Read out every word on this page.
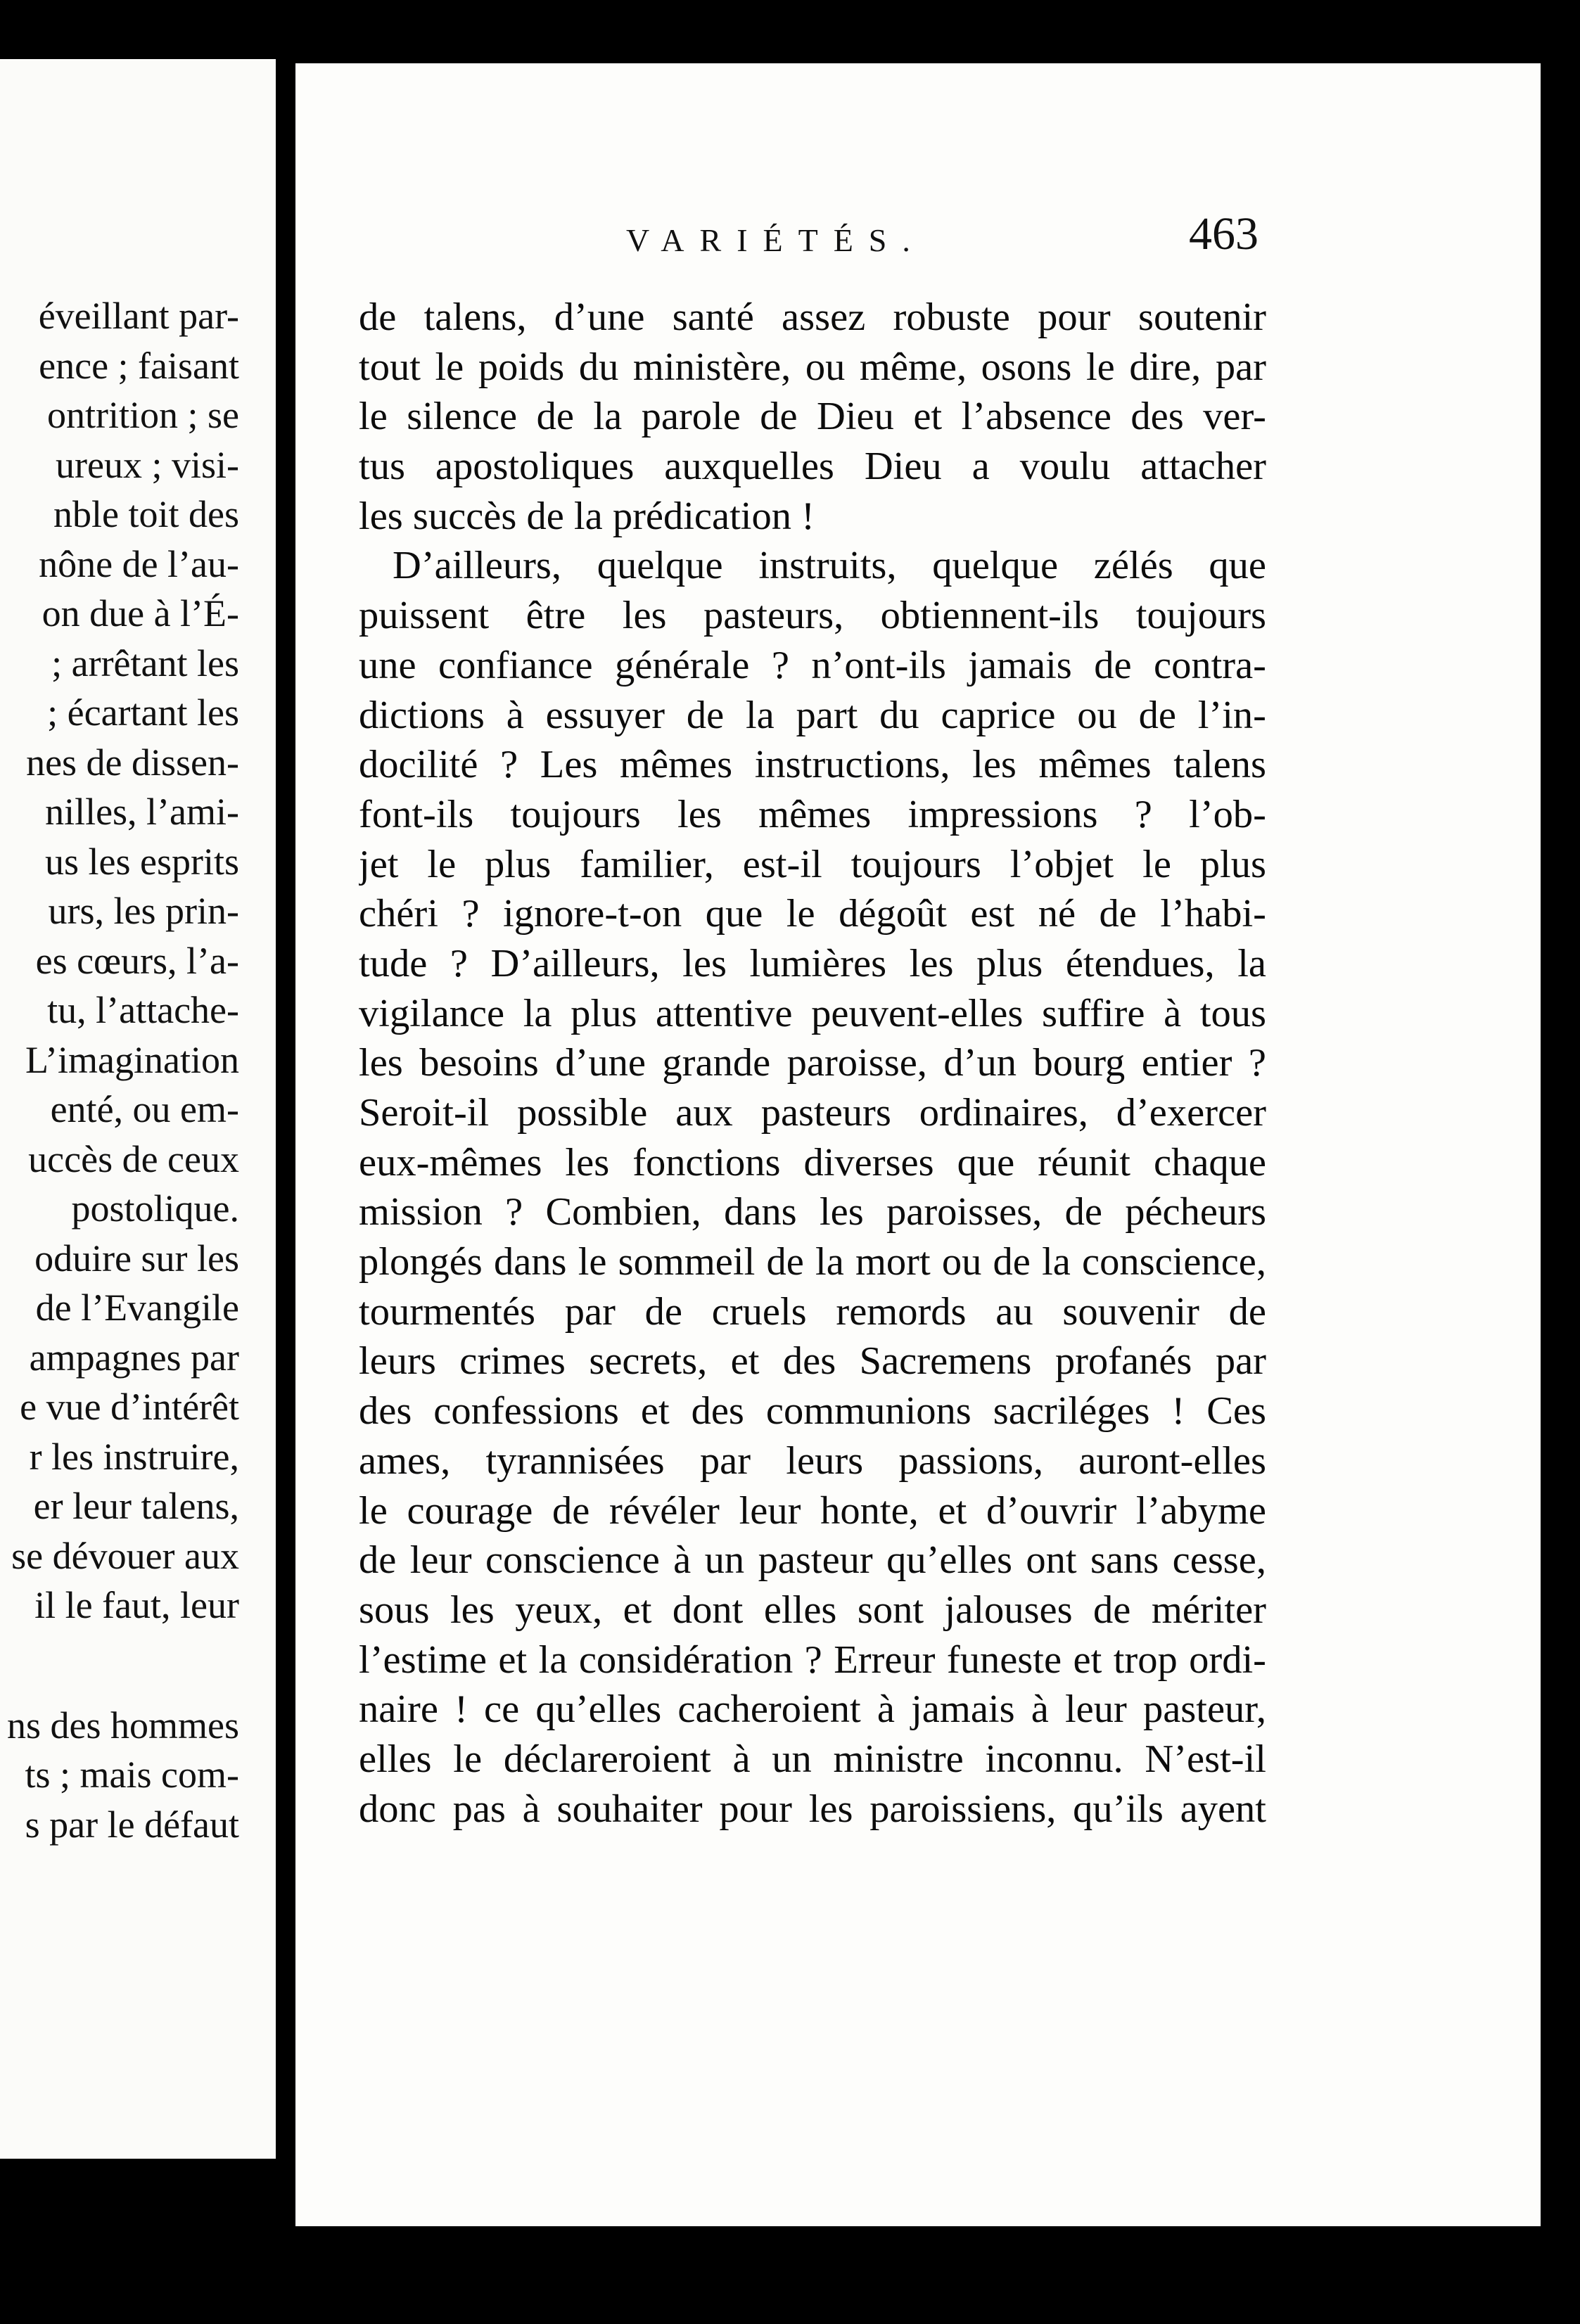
éveillant par-
ence ; faisant
ontrition ; se
ureux ; visi-
nble toit des
nône de l’au-
on due à l’É-
; arrêtant les
; écartant les
nes de dissen-
nilles, l’ami-
us les esprits
urs, les prin-
es cœurs, l’a-
tu, l’attache-
L’imagination
enté, ou em-
uccès de ceux
postolique.
oduire sur les
de l’Evangile
ampagnes par
e vue d’intérêt
r les instruire,
er leur talens,
se dévouer aux
il le faut, leur
ns des hommes
ts ; mais com-
s par le défaut
VARIÉTÉS.	463
de talens, d’une santé assez robuste pour soutenir
tout le poids du ministère, ou même, osons le dire, par
le silence de la parole de Dieu et l’absence des ver-
tus apostoliques auxquelles Dieu a voulu attacher
les succès de la prédication !
D’ailleurs, quelque instruits, quelque zélés que
puissent être les pasteurs, obtiennent-ils toujours
une confiance générale ? n’ont-ils jamais de contra-
dictions à essuyer de la part du caprice ou de l’in-
docilité ? Les mêmes instructions, les mêmes talens
font-ils toujours les mêmes impressions ? l’ob-
jet le plus familier, est-il toujours l’objet le plus
chéri ? ignore-t-on que le dégoût est né de l’habi-
tude ? D’ailleurs, les lumières les plus étendues, la
vigilance la plus attentive peuvent-elles suffire à tous
les besoins d’une grande paroisse, d’un bourg entier ?
Seroit-il possible aux pasteurs ordinaires, d’exercer
eux-mêmes les fonctions diverses que réunit chaque
mission ? Combien, dans les paroisses, de pécheurs
plongés dans le sommeil de la mort ou de la conscience,
tourmentés par de cruels remords au souvenir de
leurs crimes secrets, et des Sacremens profanés par
des confessions et des communions sacriléges ! Ces
ames, tyrannisées par leurs passions, auront-elles
le courage de révéler leur honte, et d’ouvrir l’abyme
de leur conscience à un pasteur qu’elles ont sans cesse,
sous les yeux, et dont elles sont jalouses de mériter
l’estime et la considération ? Erreur funeste et trop ordi-
naire ! ce qu’elles cacheroient à jamais à leur pasteur,
elles le déclareroient à un ministre inconnu. N’est-il
donc pas à souhaiter pour les paroissiens, qu’ils ayent
